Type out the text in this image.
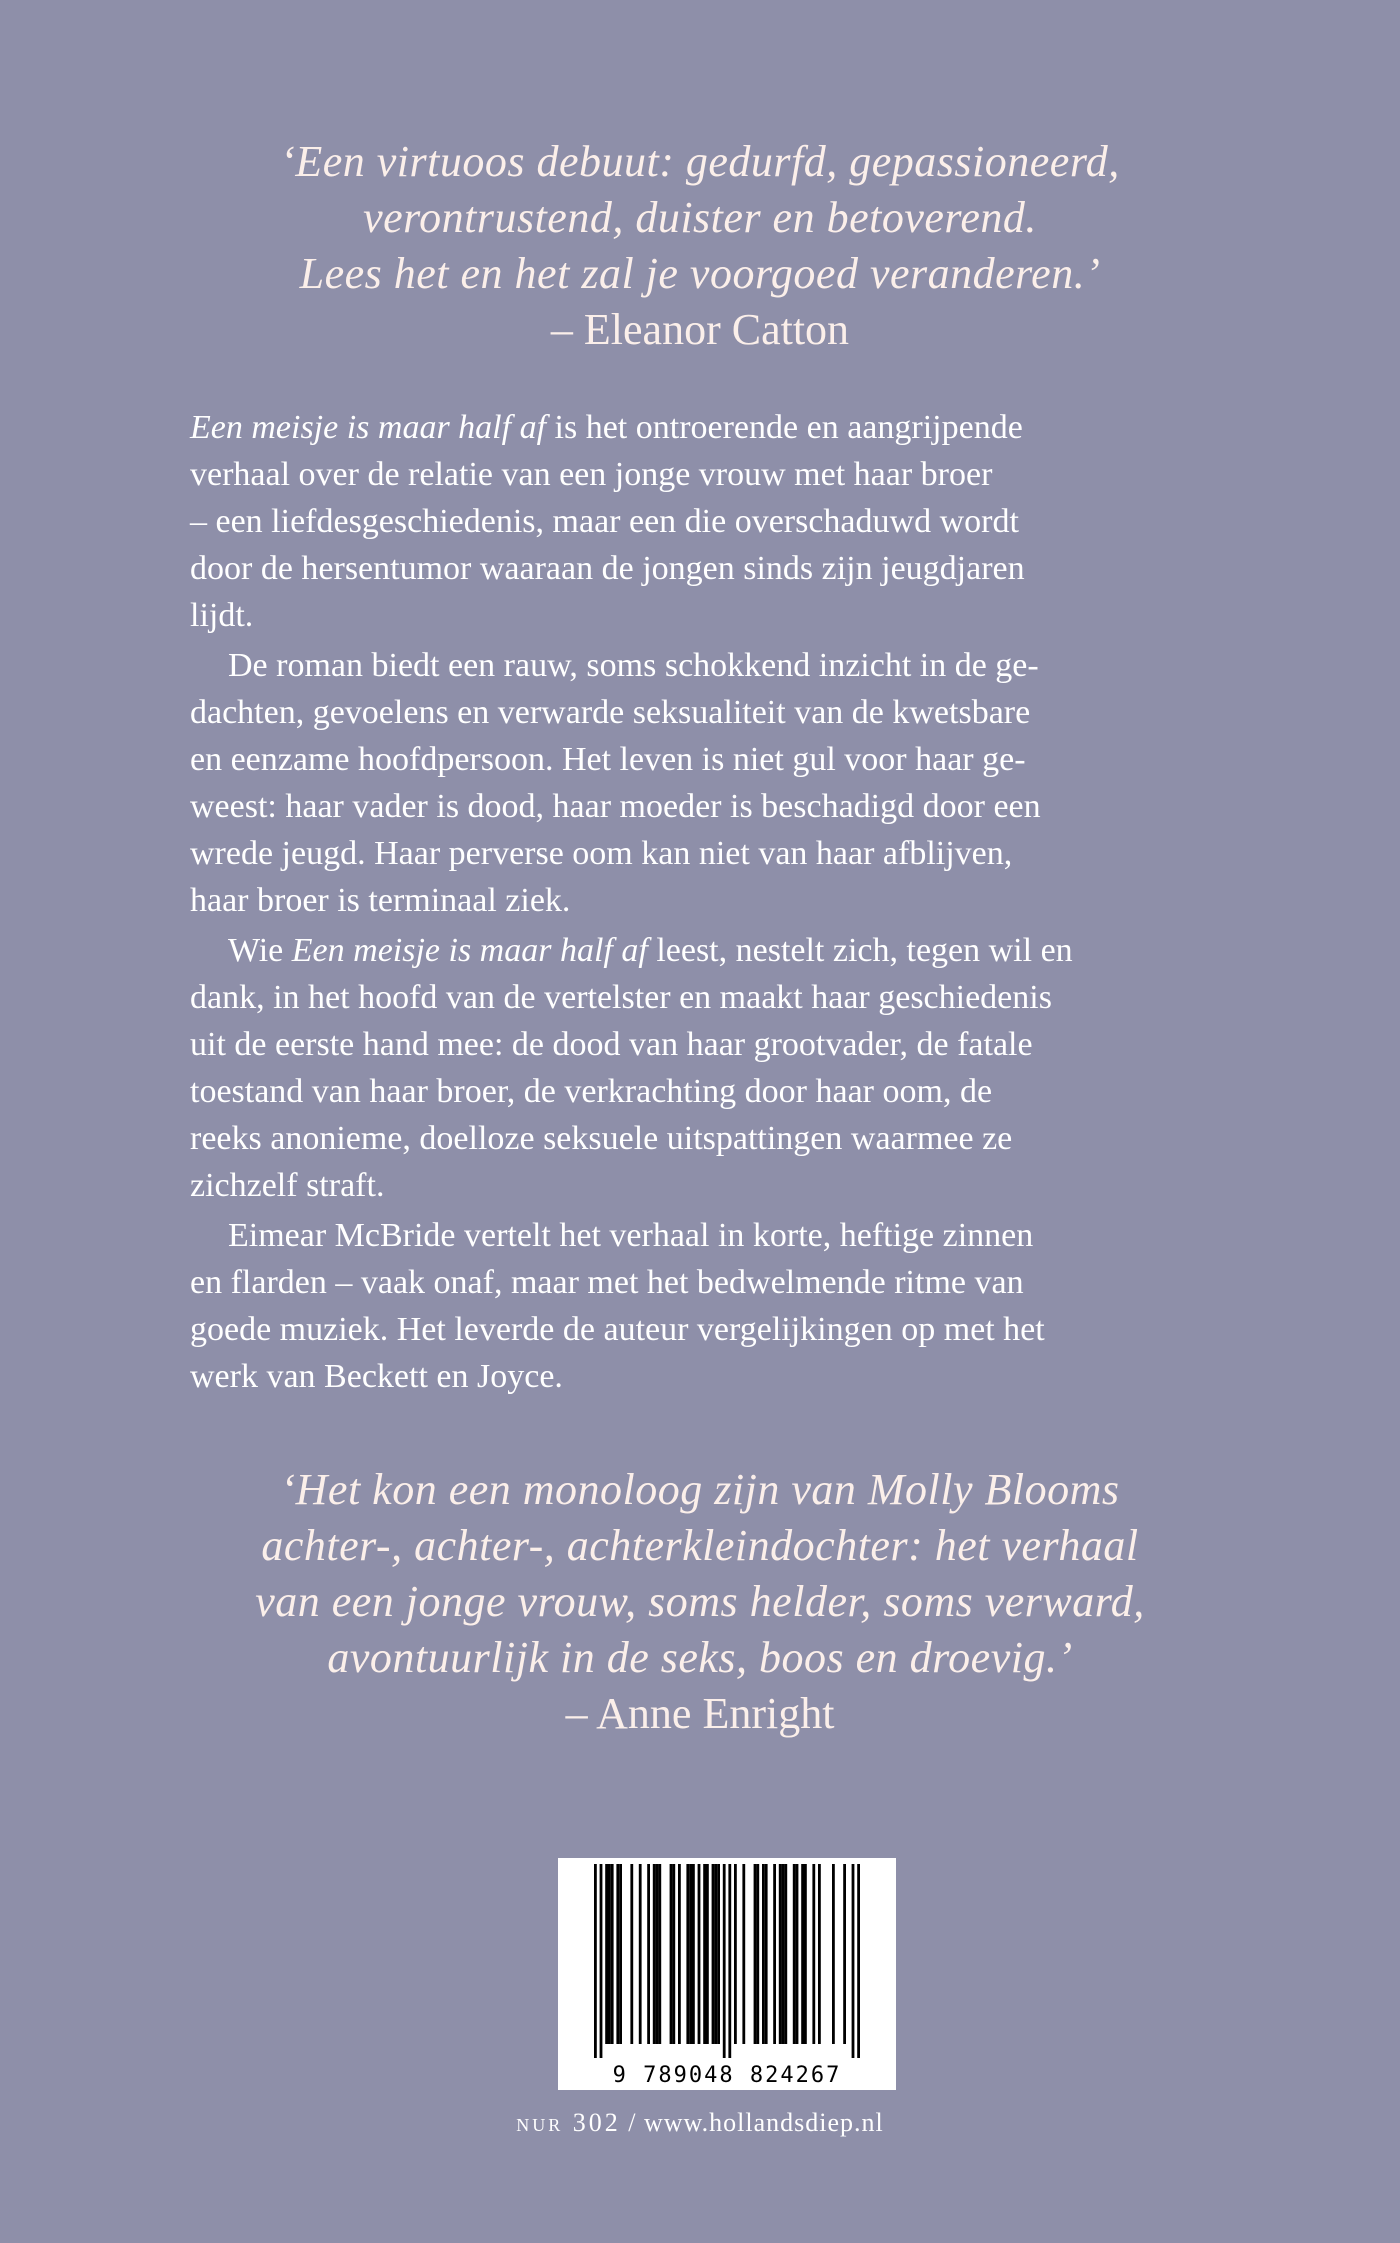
‘Een virtuoos debuut: gedurfd, gepassioneerd,
verontrustend, duister en betoverend.
Lees het en het zal je voorgoed veranderen.’
– Eleanor Catton
Een meisje is maar half af is het ontroerende en aangrijpende
verhaal over de relatie van een jonge vrouw met haar broer
– een liefdesgeschiedenis, maar een die overschaduwd wordt
door de hersentumor waaraan de jongen sinds zijn jeugdjaren
lijdt.
De roman biedt een rauw, soms schokkend inzicht in de ge-
dachten, gevoelens en verwarde seksualiteit van de kwetsbare
en eenzame hoofdpersoon. Het leven is niet gul voor haar ge-
weest: haar vader is dood, haar moeder is beschadigd door een
wrede jeugd. Haar perverse oom kan niet van haar afblijven,
haar broer is terminaal ziek.
Wie Een meisje is maar half af leest, nestelt zich, tegen wil en
dank, in het hoofd van de vertelster en maakt haar geschiedenis
uit de eerste hand mee: de dood van haar grootvader, de fatale
toestand van haar broer, de verkrachting door haar oom, de
reeks anonieme, doelloze seksuele uitspattingen waarmee ze
zichzelf straft.
Eimear McBride vertelt het verhaal in korte, heftige zinnen
en flarden – vaak onaf, maar met het bedwelmende ritme van
goede muziek. Het leverde de auteur vergelijkingen op met het
werk van Beckett en Joyce.
‘Het kon een monoloog zijn van Molly Blooms
achter-, achter-, achterkleindochter: het verhaal
van een jonge vrouw, soms helder, soms verward,
avontuurlijk in de seks, boos en droevig.’
– Anne Enright
9 789048 824267
nur 302 / www.hollandsdiep.nl
